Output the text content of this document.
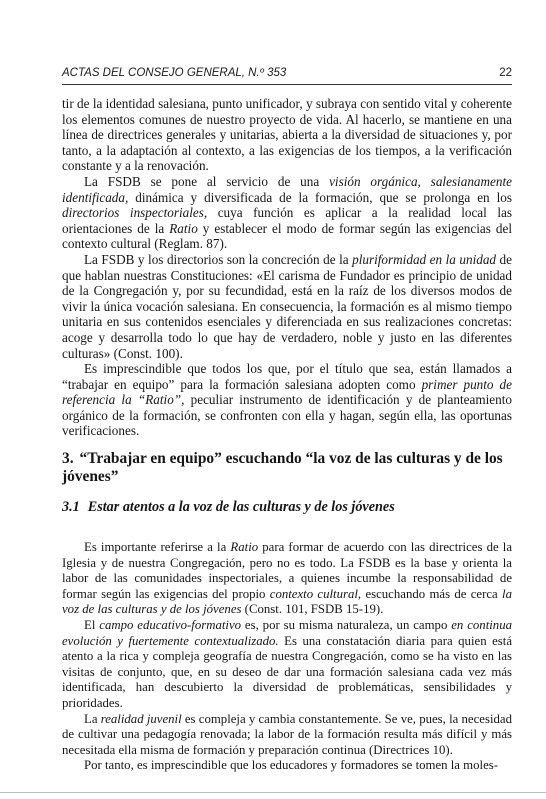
ACTAS DEL CONSEJO GENERAL, N.º 353	22

tir de la identidad salesiana, punto unificador, y subraya con sentido vital y coherente los elementos comunes de nuestro proyecto de vida. Al hacerlo, se mantiene en una línea de directrices generales y unitarias, abierta a la diversidad de situaciones y, por tanto, a la adaptación al contexto, a las exigencias de los tiempos, a la verificación constante y a la renovación.

La FSDB se pone al servicio de una visión orgánica, salesianamente identificada, dinámica y diversificada de la formación, que se prolonga en los directorios inspectoriales, cuya función es aplicar a la realidad local las orientaciones de la Ratio y establecer el modo de formar según las exigencias del contexto cultural (Reglam. 87).

La FSDB y los directorios son la concreción de la pluriformidad en la unidad de que hablan nuestras Constituciones: «El carisma de Fundador es principio de unidad de la Congregación y, por su fecundidad, está en la raíz de los diversos modos de vivir la única vocación salesiana. En consecuencia, la formación es al mismo tiempo unitaria en sus contenidos esenciales y diferenciada en sus realizaciones concretas: acoge y desarrolla todo lo que hay de verdadero, noble y justo en las diferentes culturas» (Const. 100).

Es imprescindible que todos los que, por el título que sea, están llamados a “trabajar en equipo” para la formación salesiana adopten como primer punto de referencia la “Ratio”, peculiar instrumento de identificación y de planteamiento orgánico de la formación, se confronten con ella y hagan, según ella, las oportunas verificaciones.

3. “Trabajar en equipo” escuchando “la voz de las culturas y de los jóvenes”
3.1 Estar atentos a la voz de las culturas y de los jóvenes

Es importante referirse a la Ratio para formar de acuerdo con las directrices de la Iglesia y de nuestra Congregación, pero no es todo. La FSDB es la base y orienta la labor de las comunidades inspectoriales, a quienes incumbe la responsabilidad de formar según las exigencias del propio contexto cultural, escuchando más de cerca la voz de las culturas y de los jóvenes (Const. 101, FSDB 15-19).

El campo educativo-formativo es, por su misma naturaleza, un campo en continua evolución y fuertemente contextualizado. Es una constatación diaria para quien está atento a la rica y compleja geografía de nuestra Congregación, como se ha visto en las visitas de conjunto, que, en su deseo de dar una formación salesiana cada vez más identificada, han descubierto la diversidad de problemáticas, sensibilidades y prioridades.

La realidad juvenil es compleja y cambia constantemente. Se ve, pues, la necesidad de cultivar una pedagogía renovada; la labor de la formación resulta más difícil y más necesitada ella misma de formación y preparación continua (Directrices 10).

Por tanto, es imprescindible que los educadores y formadores se tomen la moles-
